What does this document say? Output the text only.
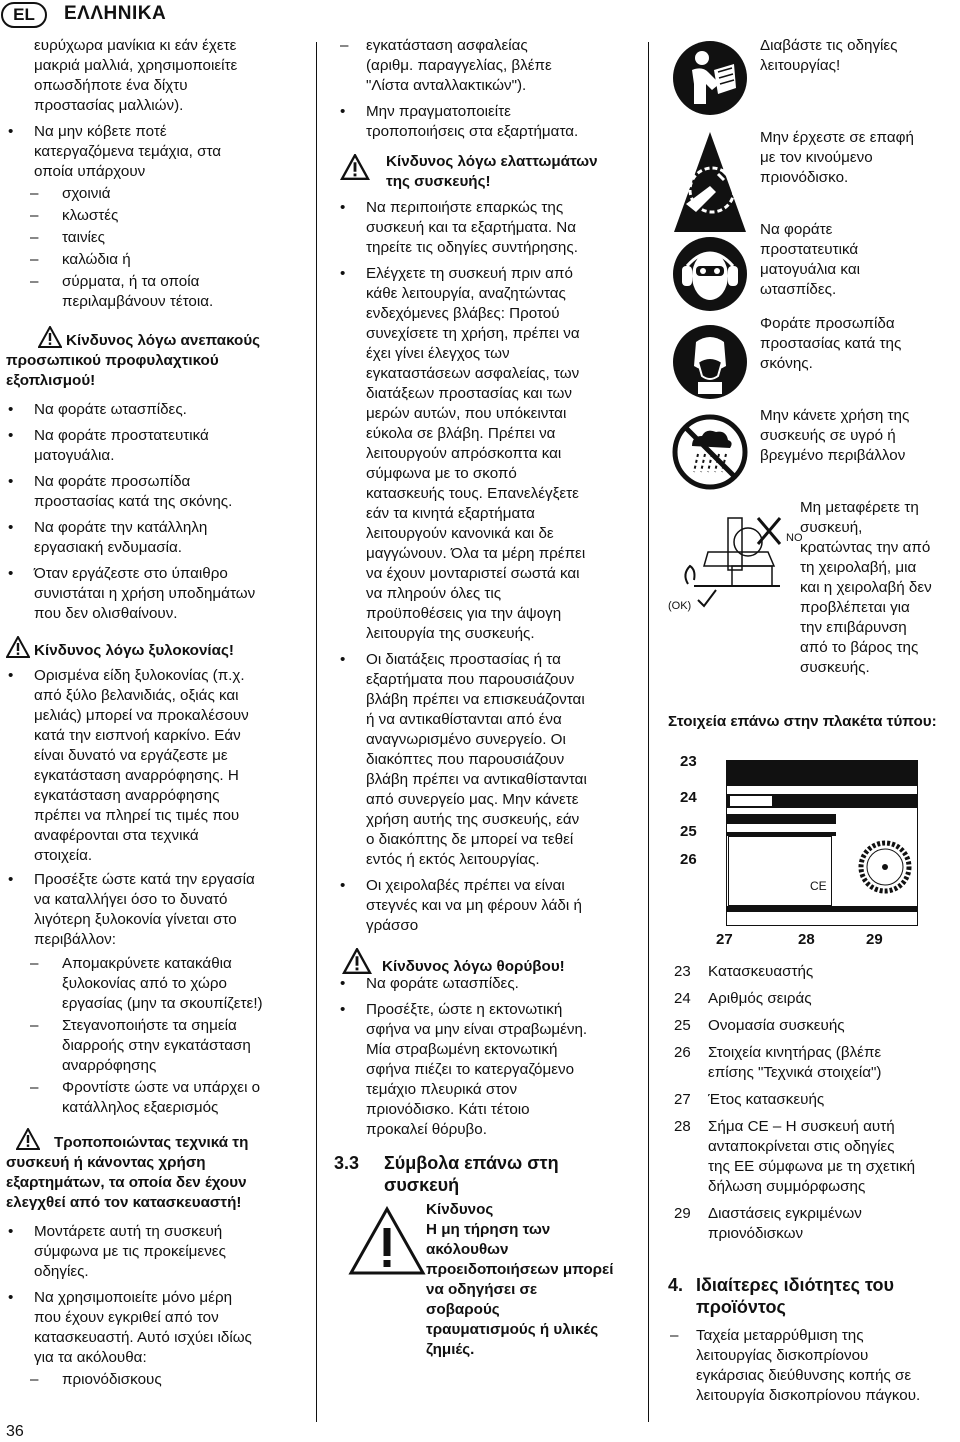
EL	ΕΛΛΗΝΙΚΑ
ευρύχωρα μανίκια κι εάν έχετε
μακριά μαλλιά, χρησιμοποιείτε
οπωσδήποτε ένα δίχτυ
προστασίας μαλλιών).
• Να μην κόβετε ποτέ
κατεργαζόμενα τεμάχια, στα
οποία υπάρχουν
– σχοινιά
– κλωστές
– ταινίες
– καλώδια ή
– σύρματα, ή τα οποία
περιλαμβάνουν τέτοια.
Κίνδυνος λόγω ανεπακούς
προσωπικού προφυλαχτικού
εξοπλισμού!
• Να φοράτε ωτασπίδες.
• Να φοράτε προστατευτικά
ματογυάλια.
• Να φοράτε προσωπίδα
προστασίας κατά της σκόνης.
• Να φοράτε την κατάλληλη
εργασιακή ενδυμασία.
• Όταν εργάζεστε στο ύπαιθρο
συνιστάται η χρήση υποδημάτων
που δεν ολισθαίνουν.
Κίνδυνος λόγω ξυλοκονίας!
• Ορισμένα είδη ξυλοκονίας (π.χ.
από ξύλο βελανιδιάς, οξιάς και
μελιάς) μπορεί να προκαλέσουν
κατά την εισπνοή καρκίνο. Εάν
είναι δυνατό να εργάζεστε με
εγκατάσταση αναρρόφησης. Η
εγκατάσταση αναρρόφησης
πρέπει να πληρεί τις τιμές που
αναφέρονται στα τεχνικά
στοιχεία.
• Προσέξτε ώστε κατά την εργασία
να καταλλήγει όσο το δυνατό
λιγότερη ξυλοκονία γίνεται στο
περιβάλλον:
– Απομακρύνετε κατακάθια
ξυλοκονίας από το χώρο
εργασίας (μην τα σκουπίζετε!)
– Στεγανοποιήστε τα σημεία
διαρροής στην εγκατάσταση
αναρρόφησης
– Φροντίστε ώστε να υπάρχει ο
κατάλληλος εξαερισμός
Τροποποιώντας τεχνικά τη
συσκευή ή κάνοντας χρήση
εξαρτημάτων, τα οποία δεν έχουν
ελεγχθεί από τον κατασκευαστή!
• Μοντάρετε αυτή τη συσκευή
σύμφωνα με τις προκείμενες
οδηγίες.
• Να χρησιμοποιείτε μόνο μέρη
που έχουν εγκριθεί από τον
κατασκευαστή. Αυτό ισχύει ιδίως
για τα ακόλουθα:
– πριονόδισκους
36
– εγκατάσταση ασφαλείας
(αριθμ. παραγγελίας, βλέπε
"Λίστα ανταλλακτικών").
• Μην πραγματοποιείτε
τροποποιήσεις στα εξαρτήματα.
Κίνδυνος λόγω ελαττωμάτων
της συσκευής!
• Να περιποιήστε επαρκώς της
συσκευή και τα εξαρτήματα. Να
τηρείτε τις οδηγίες συντήρησης.
• Ελέγχετε τη συσκευή πριν από
κάθε λειτουργία, αναζητώντας
ενδεχόμενες βλάβες: Προτού
συνεχίσετε τη χρήση, πρέπει να
έχει γίνει έλεγχος των
εγκαταστάσεων ασφαλείας, των
διατάξεων προστασίας και των
μερών αυτών, που υπόκεινται
εύκολα σε βλάβη. Πρέπει να
λειτουργούν απρόσκοπτα και
σύμφωνα με το σκοπό
κατασκευής τους. Επανελέγξετε
εάν τα κινητά εξαρτήματα
λειτουργούν κανονικά και δε
μαγγώνουν. Όλα τα μέρη πρέπει
να έχουν μονταριστεί σωστά και
να πληρούν όλες τις
προϋποθέσεις για την άψογη
λειτουργία της συσκευής.
• Οι διατάξεις προστασίας ή τα
εξαρτήματα που παρουσιάζουν
βλάβη πρέπει να επισκευάζονται
ή να αντικαθίστανται από ένα
αναγνωρισμένο συνεργείο. Οι
διακόπτες που παρουσιάζουν
βλάβη πρέπει να αντικαθίστανται
από συνεργείο μας. Μην κάνετε
χρήση αυτής της συσκευής, εάν
ο διακόπτης δε μπορεί να τεθεί
εντός ή εκτός λειτουργίας.
• Οι χειρολαβές πρέπει να είναι
στεγνές και να μη φέρουν λάδι ή
γράσσο
Κίνδυνος λόγω θορύβου!
• Να φοράτε ωτασπίδες.
• Προσέξτε, ώστε η εκτονωτική
σφήνα να μην είναι στραβωμένη.
Μία στραβωμένη εκτονωτική
σφήνα πιέζει το κατεργαζόμενο
τεμάχιο πλευρικά στον
πριονόδισκο. Κάτι τέτοιο
προκαλεί θόρυβο.
3.3	Σύμβολα επάνω στη
συσκευή
Κίνδυνος
Η μη τήρηση των
ακόλουθων
προειδοποιήσεων μπορεί
να οδηγήσει σε
σοβαρούς
τραυματισμούς ή υλικές
ζημιές.
Διαβάστε τις οδηγίες
λειτουργίας!
Μην έρχεστε σε επαφή
με τον κινούμενο
πριονόδισκο.
Να φοράτε
προστατευτικά
ματογυάλια και
ωτασπίδες.
Φοράτε προσωπίδα
προστασίας κατά της
σκόνης.
Μην κάνετε χρήση της
συσκευής σε υγρό ή
βρεγμένο περιβάλλον
NO
(OK)
Μη μεταφέρετε τη
συσκευή,
κρατώντας την από
τη χειρολαβή, μια
και η χειρολαβή δεν
προβλέπεται για
την επιβάρυνση
από το βάρος της
συσκευής.
Στοιχεία επάνω στην πλακέτα τύπου:
23
24
25
26
CE
27	28	29
23 Κατασκευαστής
24 Αριθμός σειράς
25 Ονομασία συσκευής
26 Στοιχεία κινητήρας (βλέπε
επίσης "Τεχνικά στοιχεία")
27 Έτος κατασκευής
28 Σήμα CE – Η συσκευή αυτή
ανταποκρίνεται στις οδηγίες
της ΕΕ σύμφωνα με τη σχετική
δήλωση συμμόρφωσης
29 Διαστάσεις εγκριμένων
πριονόδισκων
4. Ιδιαίτερες ιδιότητες του
προϊόντος
– Ταχεία μεταρρύθμιση της
λειτουργίας δισκοπρίονου
εγκάρσιας διεύθυνσης κοπής σε
λειτουργία δισκοπρίονου πάγκου.
